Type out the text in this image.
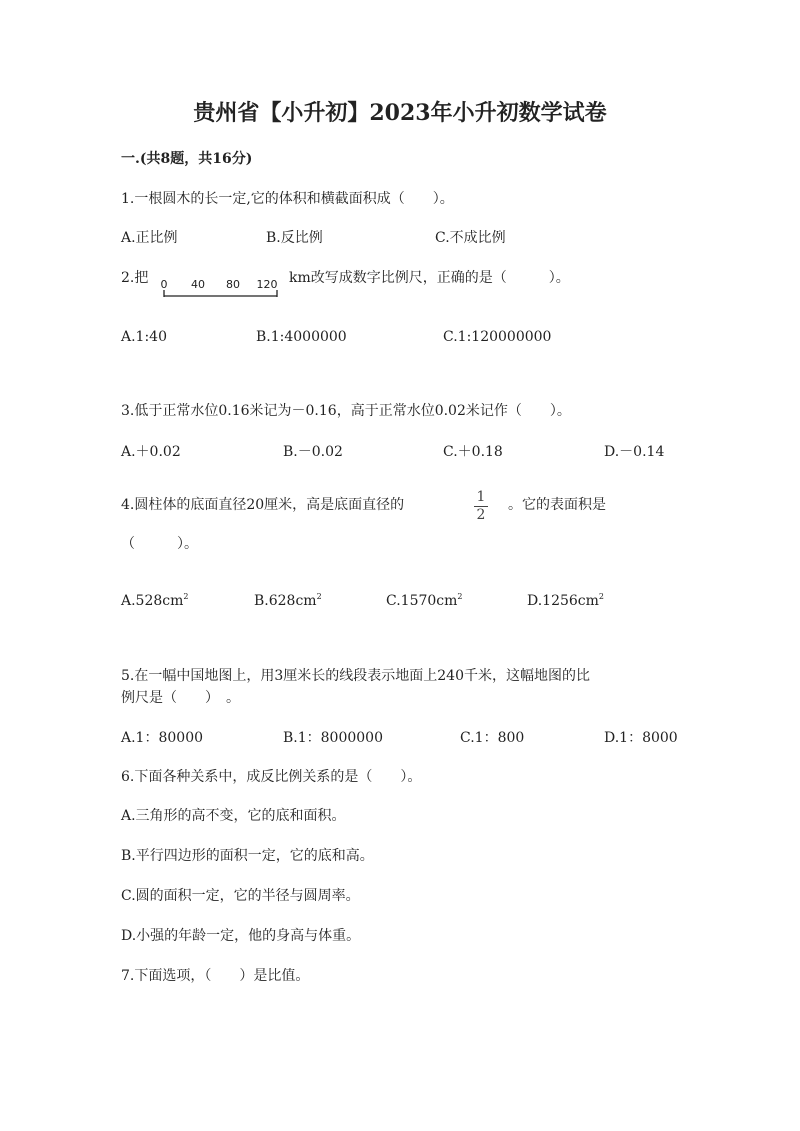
贵州省【小升初】2023年小升初数学试卷
一.(共8题，共16分)
1.一根圆木的长一定,它的体积和横截面积成（　　）。
A.正比例	B.反比例	C.不成比例
2.把 0 40 80 120 km改写成数字比例尺，正确的是（　　　）。
A.1:40	B.1:4000000	C.1:120000000
3.低于正常水位0.16米记为－0.16，高于正常水位0.02米记作（　　）。
A.＋0.02	B.－0.02	C.＋0.18	D.－0.14
4.圆柱体的底面直径20厘米，高是底面直径的	1
2
。它的表面积是
（　　　）。
$A.528cm^2$	$B.628cm^2$	$C.1570cm^2$	$D.1256cm^2$
5.在一幅中国地图上，用3厘米长的线段表示地面上240千米，这幅地图的比
例尺是（　　）　。
A.1：80000	B.1：8000000	C.1：800	D.1：8000
6.下面各种关系中，成反比例关系的是（　　）。
A.三角形的高不变，它的底和面积。
B.平行四边形的面积一定，它的底和高。
C.圆的面积一定，它的半径与圆周率。
D.小强的年龄一定，他的身高与体重。
7.下面选项，（　　）是比值。
